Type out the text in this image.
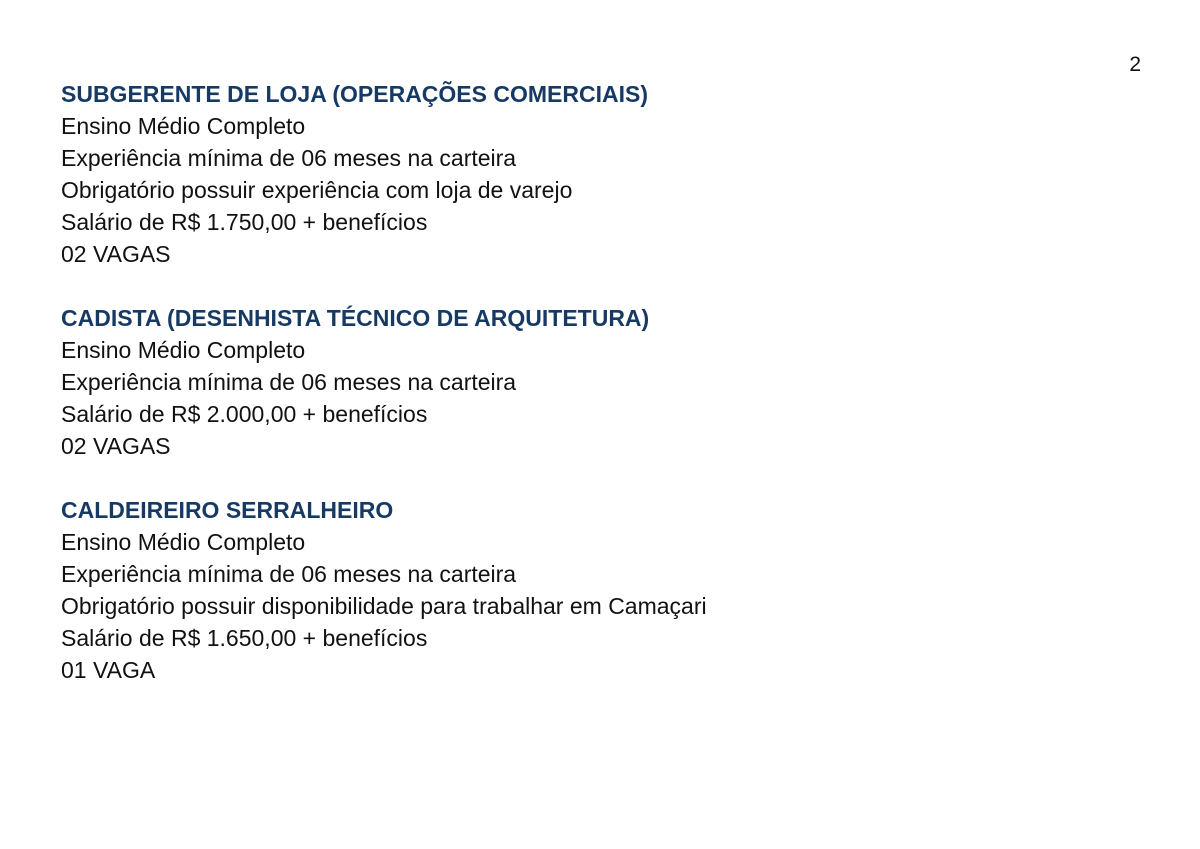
2
SUBGERENTE DE LOJA (OPERAÇÕES COMERCIAIS)

Ensino Médio Completo

Experiência mínima de 06 meses na carteira

Obrigatório possuir experiência com loja de varejo

Salário de R$ 1.750,00 + benefícios

02 VAGAS

CADISTA (DESENHISTA TÉCNICO DE ARQUITETURA)

Ensino Médio Completo

Experiência mínima de 06 meses na carteira

Salário de R$ 2.000,00 + benefícios

02 VAGAS

CALDEIREIRO SERRALHEIRO

Ensino Médio Completo

Experiência mínima de 06 meses na carteira

Obrigatório possuir disponibilidade para trabalhar em Camaçari

Salário de R$ 1.650,00 + benefícios

01 VAGA
